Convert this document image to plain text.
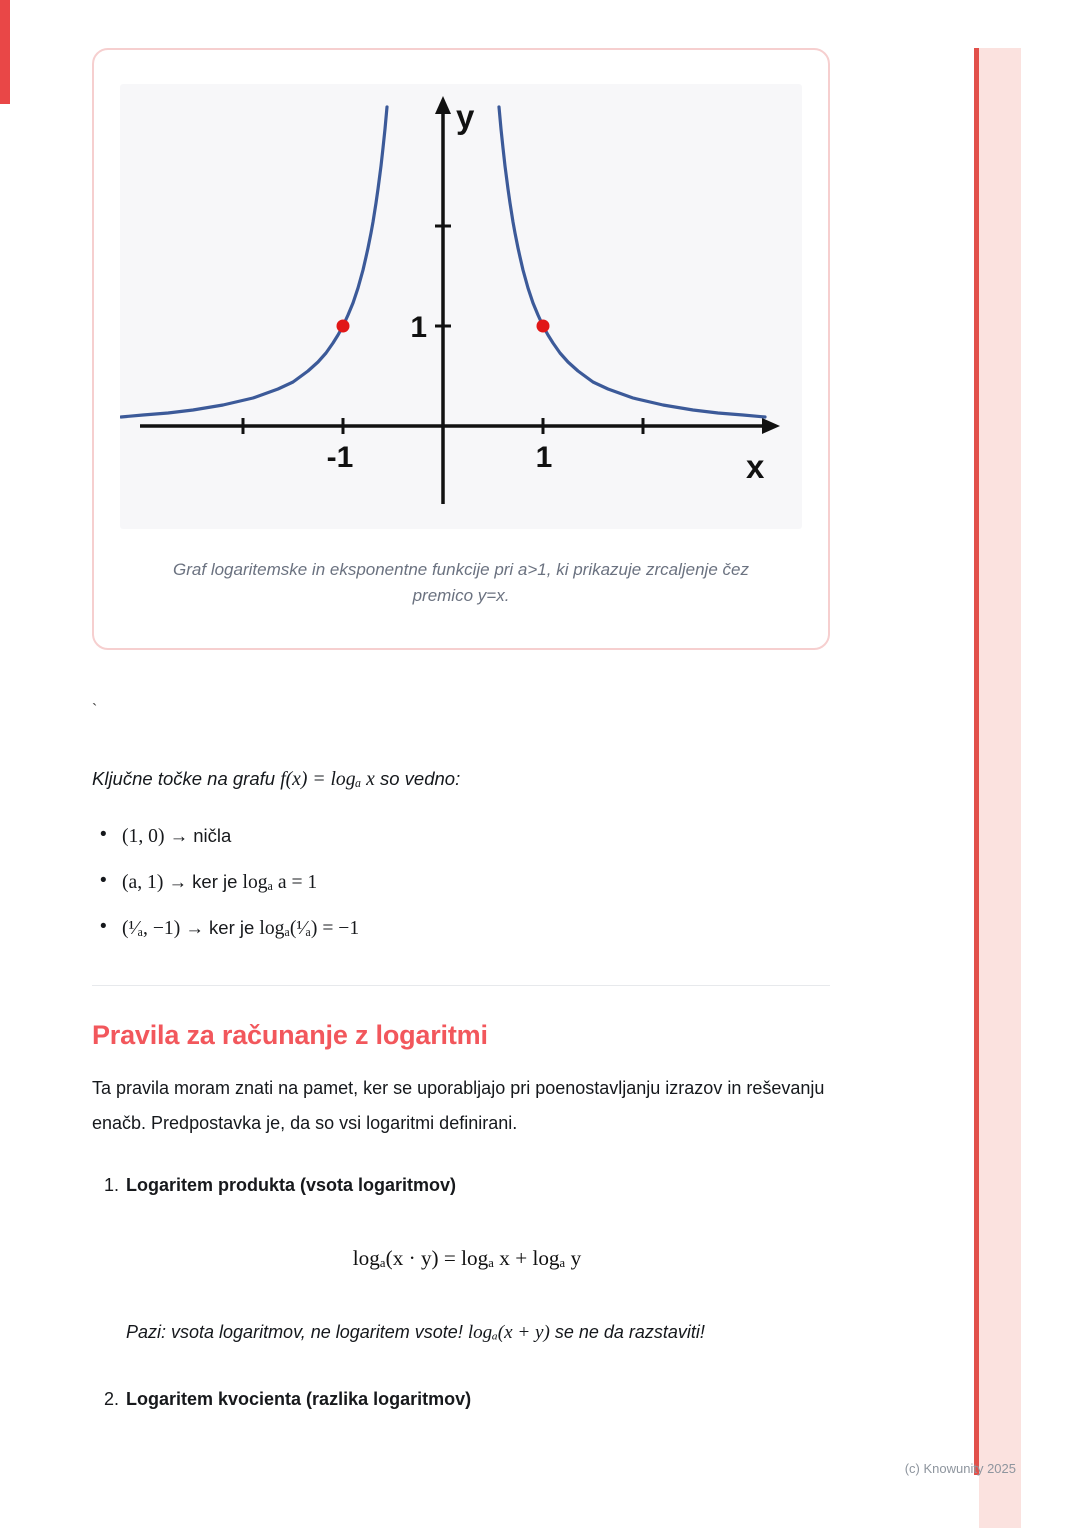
(c) Knowunity 2025
y
x
-1	1
1
Graf logaritemske in eksponentne funkcije pri a>1, ki prikazuje zrcaljenje čez premico y=x.
`

Ključne točke na grafu f(x) = logₐ x so vedno:

• (1, 0) → ničla
• (a, 1) → ker je logₐ a = 1
• (¹⁄ₐ, −1) → ker je logₐ(¹⁄ₐ) = −1
Pravila za računanje z logaritmi

Ta pravila moram znati na pamet, ker se uporabljajo pri poenostavljanju izrazov in reševanju enačb. Predpostavka je, da so vsi logaritmi definirani.

1. Logaritem produkta (vsota logaritmov)
logₐ(x · y) = logₐ x + logₐ y

Pazi: vsota logaritmov, ne logaritem vsote! logₐ(x + y) se ne da razstaviti!

2. Logaritem kvocienta (razlika logaritmov)
